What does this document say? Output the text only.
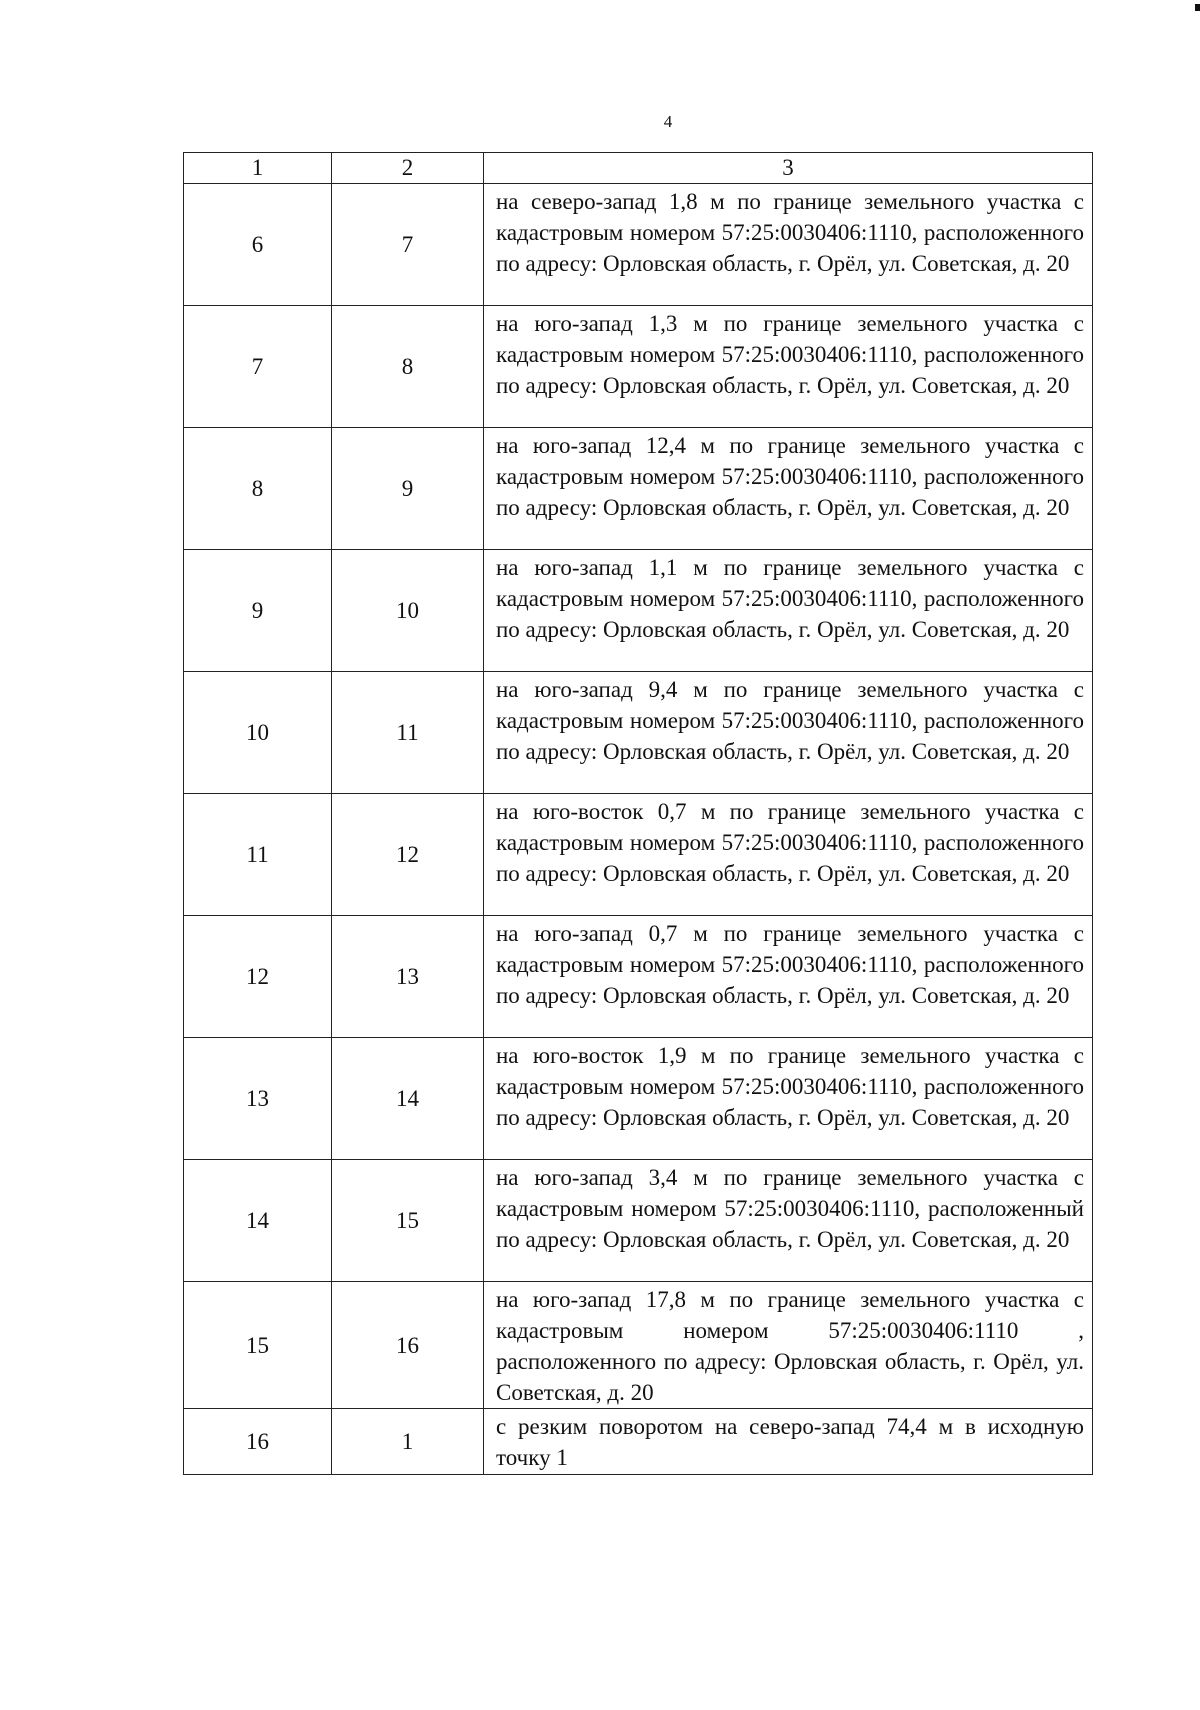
4
1	2	3
6	7	на северо-запад 1,8 м по границе земельного участка с кадастровым номером 57:25:0030406:1110, расположенного по адресу: Орловская область, г. Орёл, ул. Советская, д. 20
7	8	на юго-запад 1,3 м по границе земельного участка с кадастровым номером 57:25:0030406:1110, расположенного по адресу: Орловская область, г. Орёл, ул. Советская, д. 20
8	9	на юго-запад 12,4 м по границе земельного участка с кадастровым номером 57:25:0030406:1110, расположенного по адресу: Орловская область, г. Орёл, ул. Советская, д. 20
9	10	на юго-запад 1,1 м по границе земельного участка с кадастровым номером 57:25:0030406:1110, расположенного по адресу: Орловская область, г. Орёл, ул. Советская, д. 20
10	11	на юго-запад 9,4 м по границе земельного участка с кадастровым номером 57:25:0030406:1110, расположенного по адресу: Орловская область, г. Орёл, ул. Советская, д. 20
11	12	на юго-восток 0,7 м по границе земельного участка с кадастровым номером 57:25:0030406:1110, расположенного по адресу: Орловская область, г. Орёл, ул. Советская, д. 20
12	13	на юго-запад 0,7 м по границе земельного участка с кадастровым номером 57:25:0030406:1110, расположенного по адресу: Орловская область, г. Орёл, ул. Советская, д. 20
13	14	на юго-восток 1,9 м по границе земельного участка с кадастровым номером 57:25:0030406:1110, расположенного по адресу: Орловская область, г. Орёл, ул. Советская, д. 20
14	15	на юго-запад 3,4 м по границе земельного участка с кадастровым номером 57:25:0030406:1110, расположенный по адресу: Орловская область, г. Орёл, ул. Советская, д. 20
15	16	на юго-запад 17,8 м по границе земельного участка с кадастровым номером 57:25:0030406:1110 , расположенного по адресу: Орловская область, г. Орёл, ул. Советская, д. 20
16	1	с резким поворотом на северо-запад 74,4 м в исходную точку 1
